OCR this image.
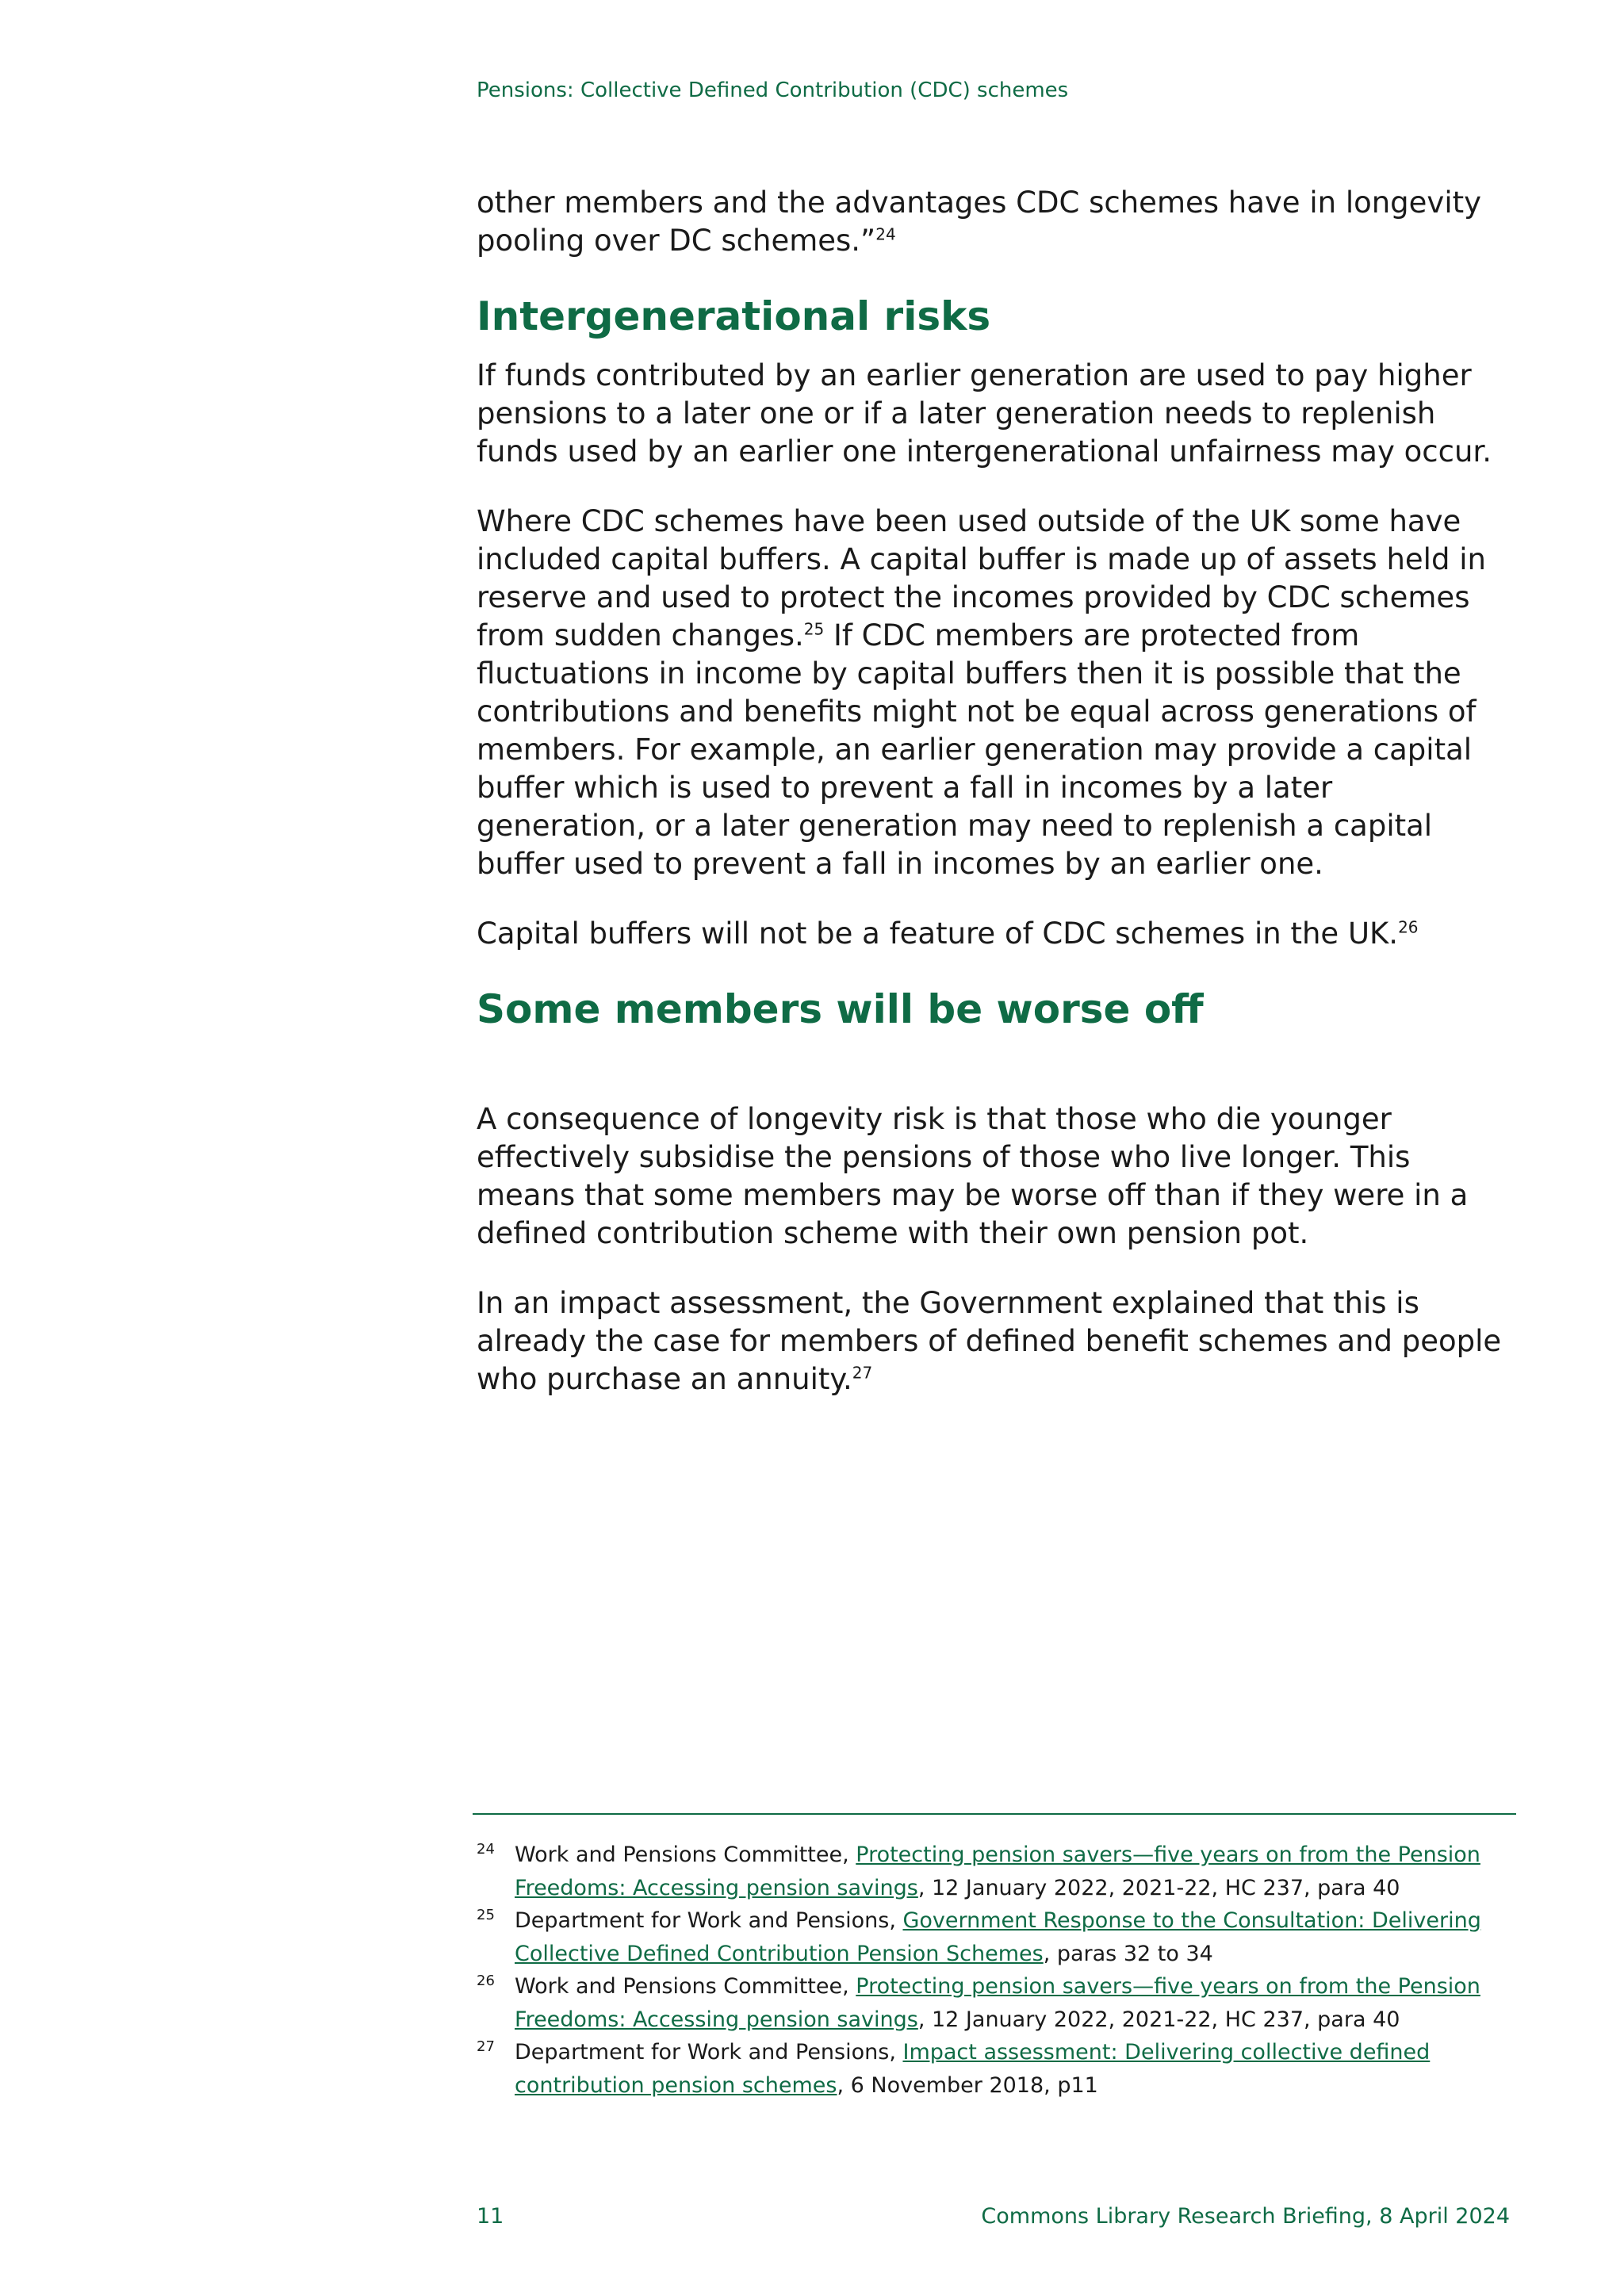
Pensions: Collective Defined Contribution (CDC) schemes

other members and the advantages CDC schemes have in longevity pooling over DC schemes.”$^{24}$

Intergenerational risks

If funds contributed by an earlier generation are used to pay higher pensions to a later one or if a later generation needs to replenish funds used by an earlier one intergenerational unfairness may occur.

Where CDC schemes have been used outside of the UK some have included capital buffers. A capital buffer is made up of assets held in reserve and used to protect the incomes provided by CDC schemes from sudden changes.$^{25}$ If CDC members are protected from fluctuations in income by capital buffers then it is possible that the contributions and benefits might not be equal across generations of members. For example, an earlier generation may provide a capital buffer which is used to prevent a fall in incomes by a later generation, or a later generation may need to replenish a capital buffer used to prevent a fall in incomes by an earlier one.

Capital buffers will not be a feature of CDC schemes in the UK.$^{26}$

Some members will be worse off

A consequence of longevity risk is that those who die younger effectively subsidise the pensions of those who live longer. This means that some members may be worse off than if they were in a defined contribution scheme with their own pension pot.

In an impact assessment, the Government explained that this is already the case for members of defined benefit schemes and people who purchase an annuity.$^{27}$

24 Work and Pensions Committee, Protecting pension savers—five years on from the Pension Freedoms: Accessing pension savings, 12 January 2022, 2021-22, HC 237, para 40
25 Department for Work and Pensions, Government Response to the Consultation: Delivering Collective Defined Contribution Pension Schemes, paras 32 to 34
26 Work and Pensions Committee, Protecting pension savers—five years on from the Pension Freedoms: Accessing pension savings, 12 January 2022, 2021-22, HC 237, para 40
27 Department for Work and Pensions, Impact assessment: Delivering collective defined contribution pension schemes, 6 November 2018, p11
11	Commons Library Research Briefing, 8 April 2024
